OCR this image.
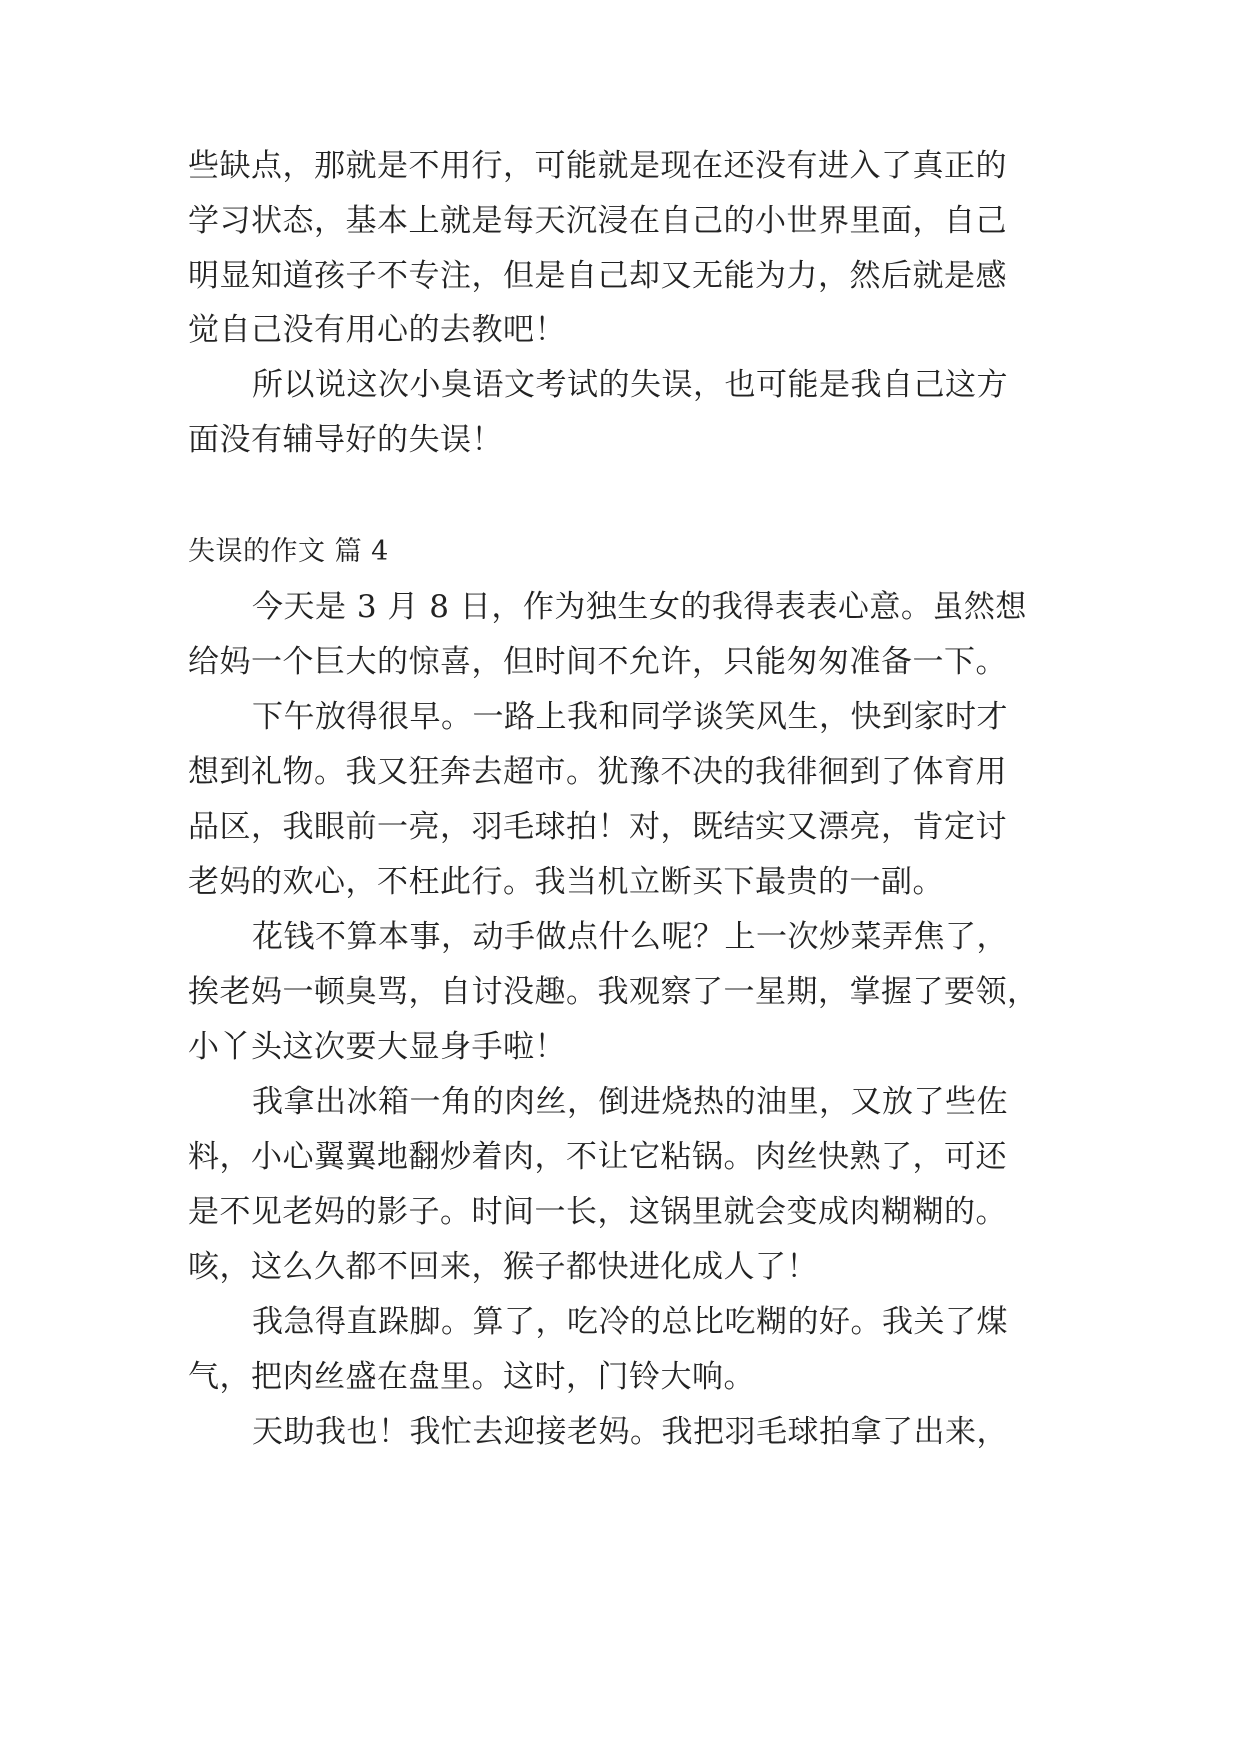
些缺点，那就是不用行，可能就是现在还没有进入了真正的
学习状态，基本上就是每天沉浸在自己的小世界里面，自己
明显知道孩子不专注，但是自己却又无能为力，然后就是感
觉自己没有用心的去教吧！
所以说这次小臭语文考试的失误，也可能是我自己这方
面没有辅导好的失误！
失误的作文 篇 4
今天是 3 月 8 日，作为独生女的我得表表心意。虽然想
给妈一个巨大的惊喜，但时间不允许，只能匆匆准备一下。
下午放得很早。一路上我和同学谈笑风生，快到家时才
想到礼物。我又狂奔去超市。犹豫不决的我徘徊到了体育用
品区，我眼前一亮，羽毛球拍！对，既结实又漂亮，肯定讨
老妈的欢心，不枉此行。我当机立断买下最贵的一副。
花钱不算本事，动手做点什么呢？上一次炒菜弄焦了，
挨老妈一顿臭骂，自讨没趣。我观察了一星期，掌握了要领，
小丫头这次要大显身手啦！
我拿出冰箱一角的肉丝，倒进烧热的油里，又放了些佐
料，小心翼翼地翻炒着肉，不让它粘锅。肉丝快熟了，可还
是不见老妈的影子。时间一长，这锅里就会变成肉糊糊的。
咳，这么久都不回来，猴子都快进化成人了！
我急得直跺脚。算了，吃冷的总比吃糊的好。我关了煤
气，把肉丝盛在盘里。这时，门铃大响。
天助我也！我忙去迎接老妈。我把羽毛球拍拿了出来，
